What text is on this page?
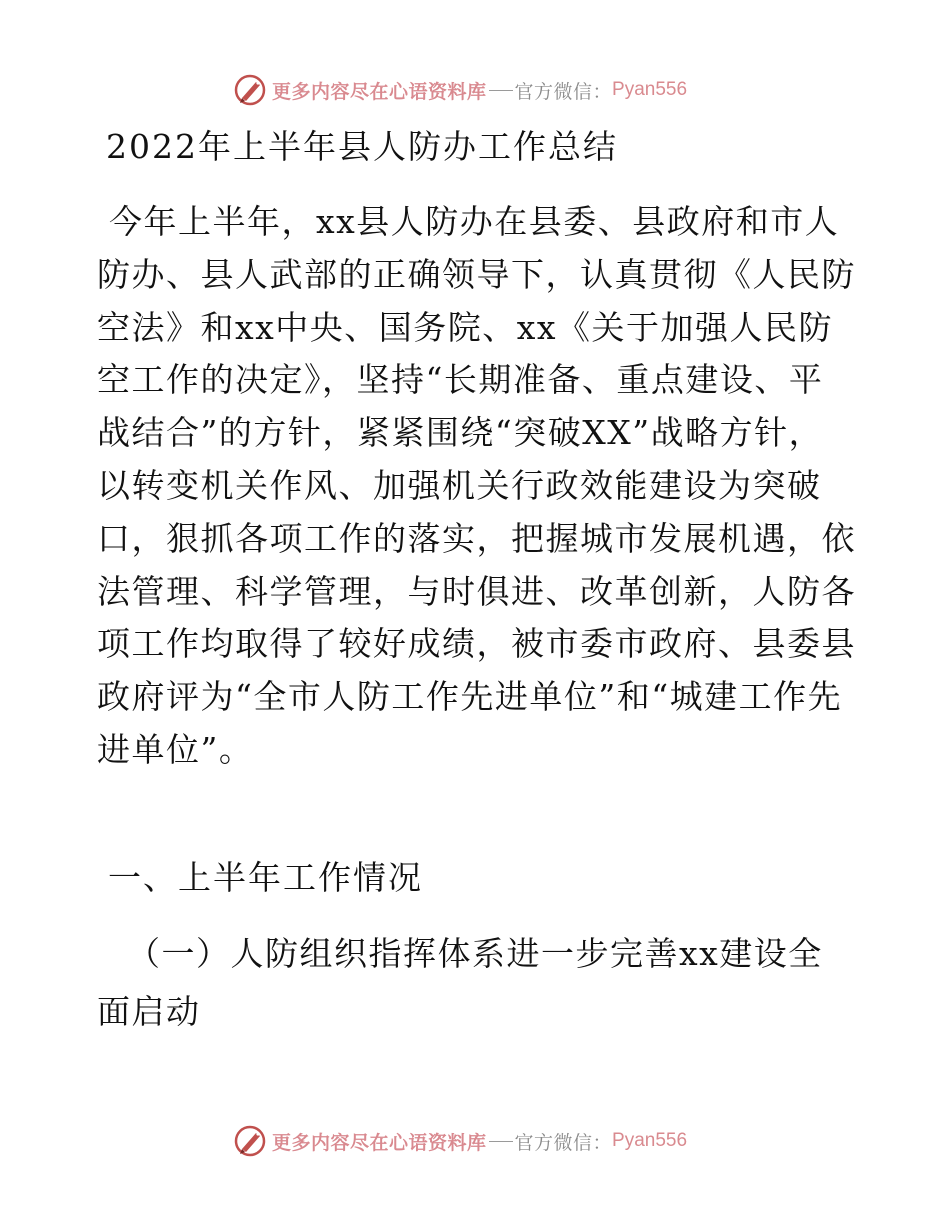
更多内容尽在心语资料库 官方微信： Pyan556
2022年上半年县人防办工作总结

今年上半年，xx县人防办在县委、县政府和市人防办、县人武部的正确领导下，认真贯彻《人民防空法》和xx中央、国务院、xx《关于加强人民防空工作的决定》，坚持“长期准备、重点建设、平战结合”的方针，紧紧围绕“突破XX”战略方针，以转变机关作风、加强机关行政效能建设为突破口，狠抓各项工作的落实，把握城市发展机遇，依法管理、科学管理，与时俱进、改革创新，人防各项工作均取得了较好成绩，被市委市政府、县委县政府评为“全市人防工作先进单位”和“城建工作先进单位”。

一、上半年工作情况
（一）人防组织指挥体系进一步完善xx建设全面启动
更多内容尽在心语资料库 官方微信： Pyan556
